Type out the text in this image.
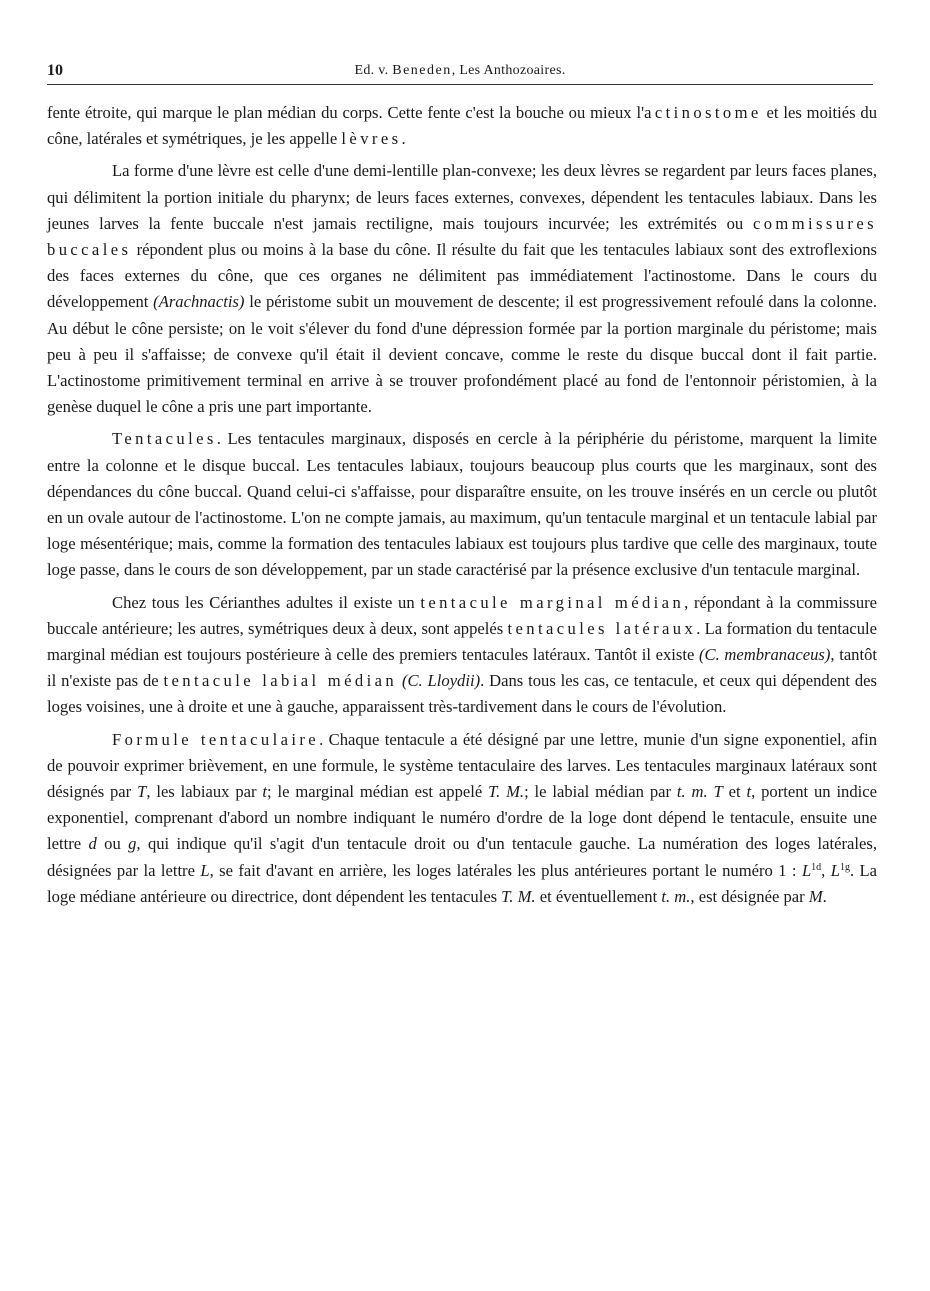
10	Ed. v. Beneden, Les Anthozoaires.

fente étroite, qui marque le plan médian du corps. Cette fente c'est la bouche ou mieux l'actinostome et les moitiés du cône, latérales et symétriques, je les appelle lèvres.

La forme d'une lèvre est celle d'une demi-lentille plan-convexe; les deux lèvres se regardent par leurs faces planes, qui délimitent la portion initiale du pharynx; de leurs faces externes, convexes, dépendent les tentacules labiaux. Dans les jeunes larves la fente buccale n'est jamais rectiligne, mais toujours incurvée; les extrémités ou commissures buccales répondent plus ou moins à la base du cône. Il résulte du fait que les tentacules labiaux sont des extroflexions des faces externes du cône, que ces organes ne délimitent pas immédiatement l'actinostome. Dans le cours du développement (Arachnactis) le péristome subit un mouvement de descente; il est progressivement refoulé dans la colonne. Au début le cône persiste; on le voit s'élever du fond d'une dépression formée par la portion marginale du péristome; mais peu à peu il s'affaisse; de convexe qu'il était il devient concave, comme le reste du disque buccal dont il fait partie. L'actinostome primitivement terminal en arrive à se trouver profondément placé au fond de l'entonnoir péristomien, à la genèse duquel le cône a pris une part importante.

Tentacules. Les tentacules marginaux, disposés en cercle à la périphérie du péristome, marquent la limite entre la colonne et le disque buccal. Les tentacules labiaux, toujours beaucoup plus courts que les marginaux, sont des dépendances du cône buccal. Quand celui-ci s'affaisse, pour disparaître ensuite, on les trouve insérés en un cercle ou plutôt en un ovale autour de l'actinostome. L'on ne compte jamais, au maximum, qu'un tentacule marginal et un tentacule labial par loge mésentérique; mais, comme la formation des tentacules labiaux est toujours plus tardive que celle des marginaux, toute loge passe, dans le cours de son développement, par un stade caractérisé par la présence exclusive d'un tentacule marginal.

Chez tous les Cérianthes adultes il existe un tentacule marginal médian, répondant à la commissure buccale antérieure; les autres, symétriques deux à deux, sont appelés tentacules latéraux. La formation du tentacule marginal médian est toujours postérieure à celle des premiers tentacules latéraux. Tantôt il existe (C. membranaceus), tantôt il n'existe pas de tentacule labial médian (C. Lloydii). Dans tous les cas, ce tentacule, et ceux qui dépendent des loges voisines, une à droite et une à gauche, apparaissent très-tardivement dans le cours de l'évolution.

Formule tentaculaire. Chaque tentacule a été désigné par une lettre, munie d'un signe exponentiel, afin de pouvoir exprimer brièvement, en une formule, le système tentaculaire des larves. Les tentacules marginaux latéraux sont désignés par T, les labiaux par t; le marginal médian est appelé T. M.; le labial médian par t. m. T et t, portent un indice exponentiel, comprenant d'abord un nombre indiquant le numéro d'ordre de la loge dont dépend le tentacule, ensuite une lettre d ou g, qui indique qu'il s'agit d'un tentacule droit ou d'un tentacule gauche. La numération des loges latérales, désignées par la lettre L, se fait d'avant en arrière, les loges latérales les plus antérieures portant le numéro 1 : $L^{1d}$, $L^{1g}$. La loge médiane antérieure ou directrice, dont dépendent les tentacules T. M. et éventuellement t. m., est désignée par M.
